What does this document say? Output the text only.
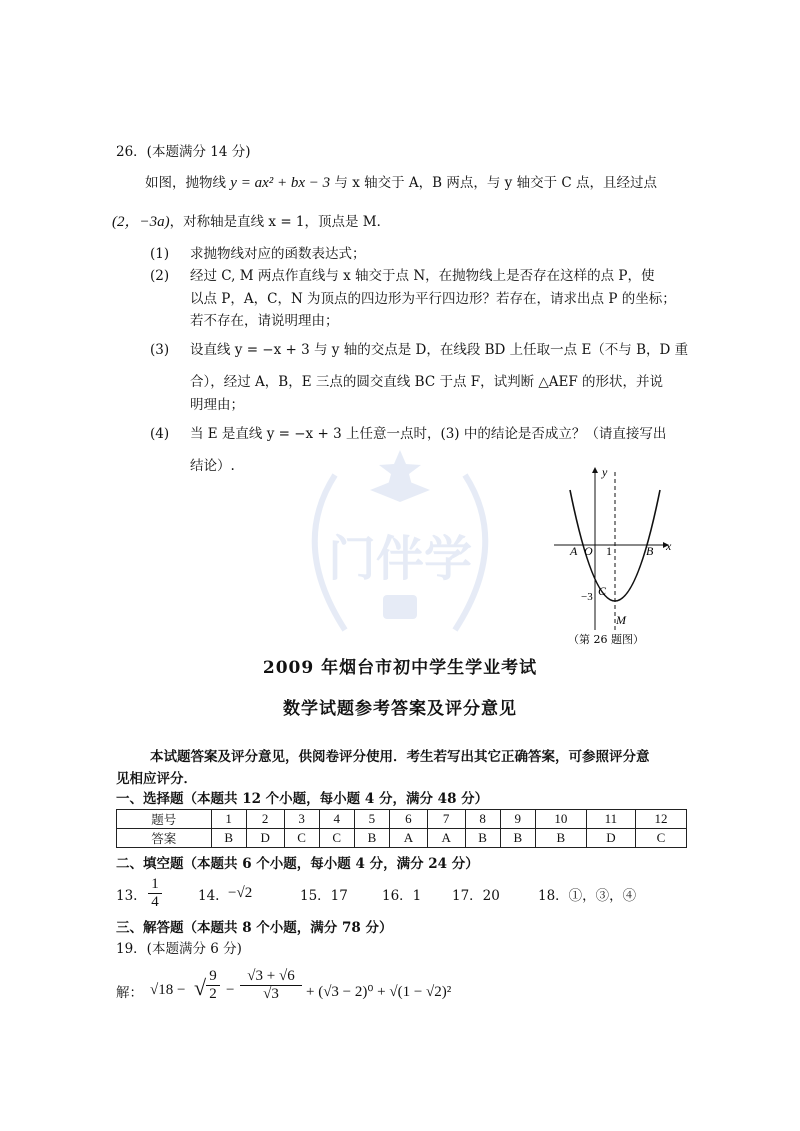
26．(本题满分 14 分)
如图，抛物线 y = ax² + bx − 3 与 x 轴交于 A，B 两点，与 y 轴交于 C 点，且经过点
(2，−3a)，对称轴是直线 x = 1，顶点是 M．
(1) 求抛物线对应的函数表达式；
(2) 经过 C, M 两点作直线与 x 轴交于点 N，在抛物线上是否存在这样的点 P，使
以点 P，A，C，N 为顶点的四边形为平行四边形？若存在，请求出点 P 的坐标；
若不存在，请说明理由；
(3) 设直线 y = −x + 3 与 y 轴的交点是 D，在线段 BD 上任取一点 E（不与 B，D 重
合），经过 A，B，E 三点的圆交直线 BC 于点 F，试判断 △AEF 的形状，并说
明理由；
(4) 当 E 是直线 y = −x + 3 上任意一点时，(3) 中的结论是否成立？（请直接写出
结论）.
门伴学
y
x
A O 1	B
C
−3
M
（第 26 题图）
2009 年烟台市初中学生学业考试
数学试题参考答案及评分意见
本试题答案及评分意见，供阅卷评分使用．考生若写出其它正确答案，可参照评分意
见相应评分．
一、选择题（本题共 12 个小题，每小题 4 分，满分 48 分）
题号	1	2	3	4	5	6	7	8	9	10	11	12
答案	B	D	C	C	B	A	A	B	B	B	D	C
二、填空题（本题共 6 个小题，每小题 4 分，满分 24 分）
13. $\frac{1}{4}$	14. −√2	15．17	16．1 17．20	18．①，③，④
三、解答题（本题共 8 个小题，满分 78 分）
19．(本题满分 6 分)
解： √18 − √ $\frac{9}{2} - \frac{√3 + √6}{√3} + (√3 - 2)^0 + √(1 - √2)^2$
